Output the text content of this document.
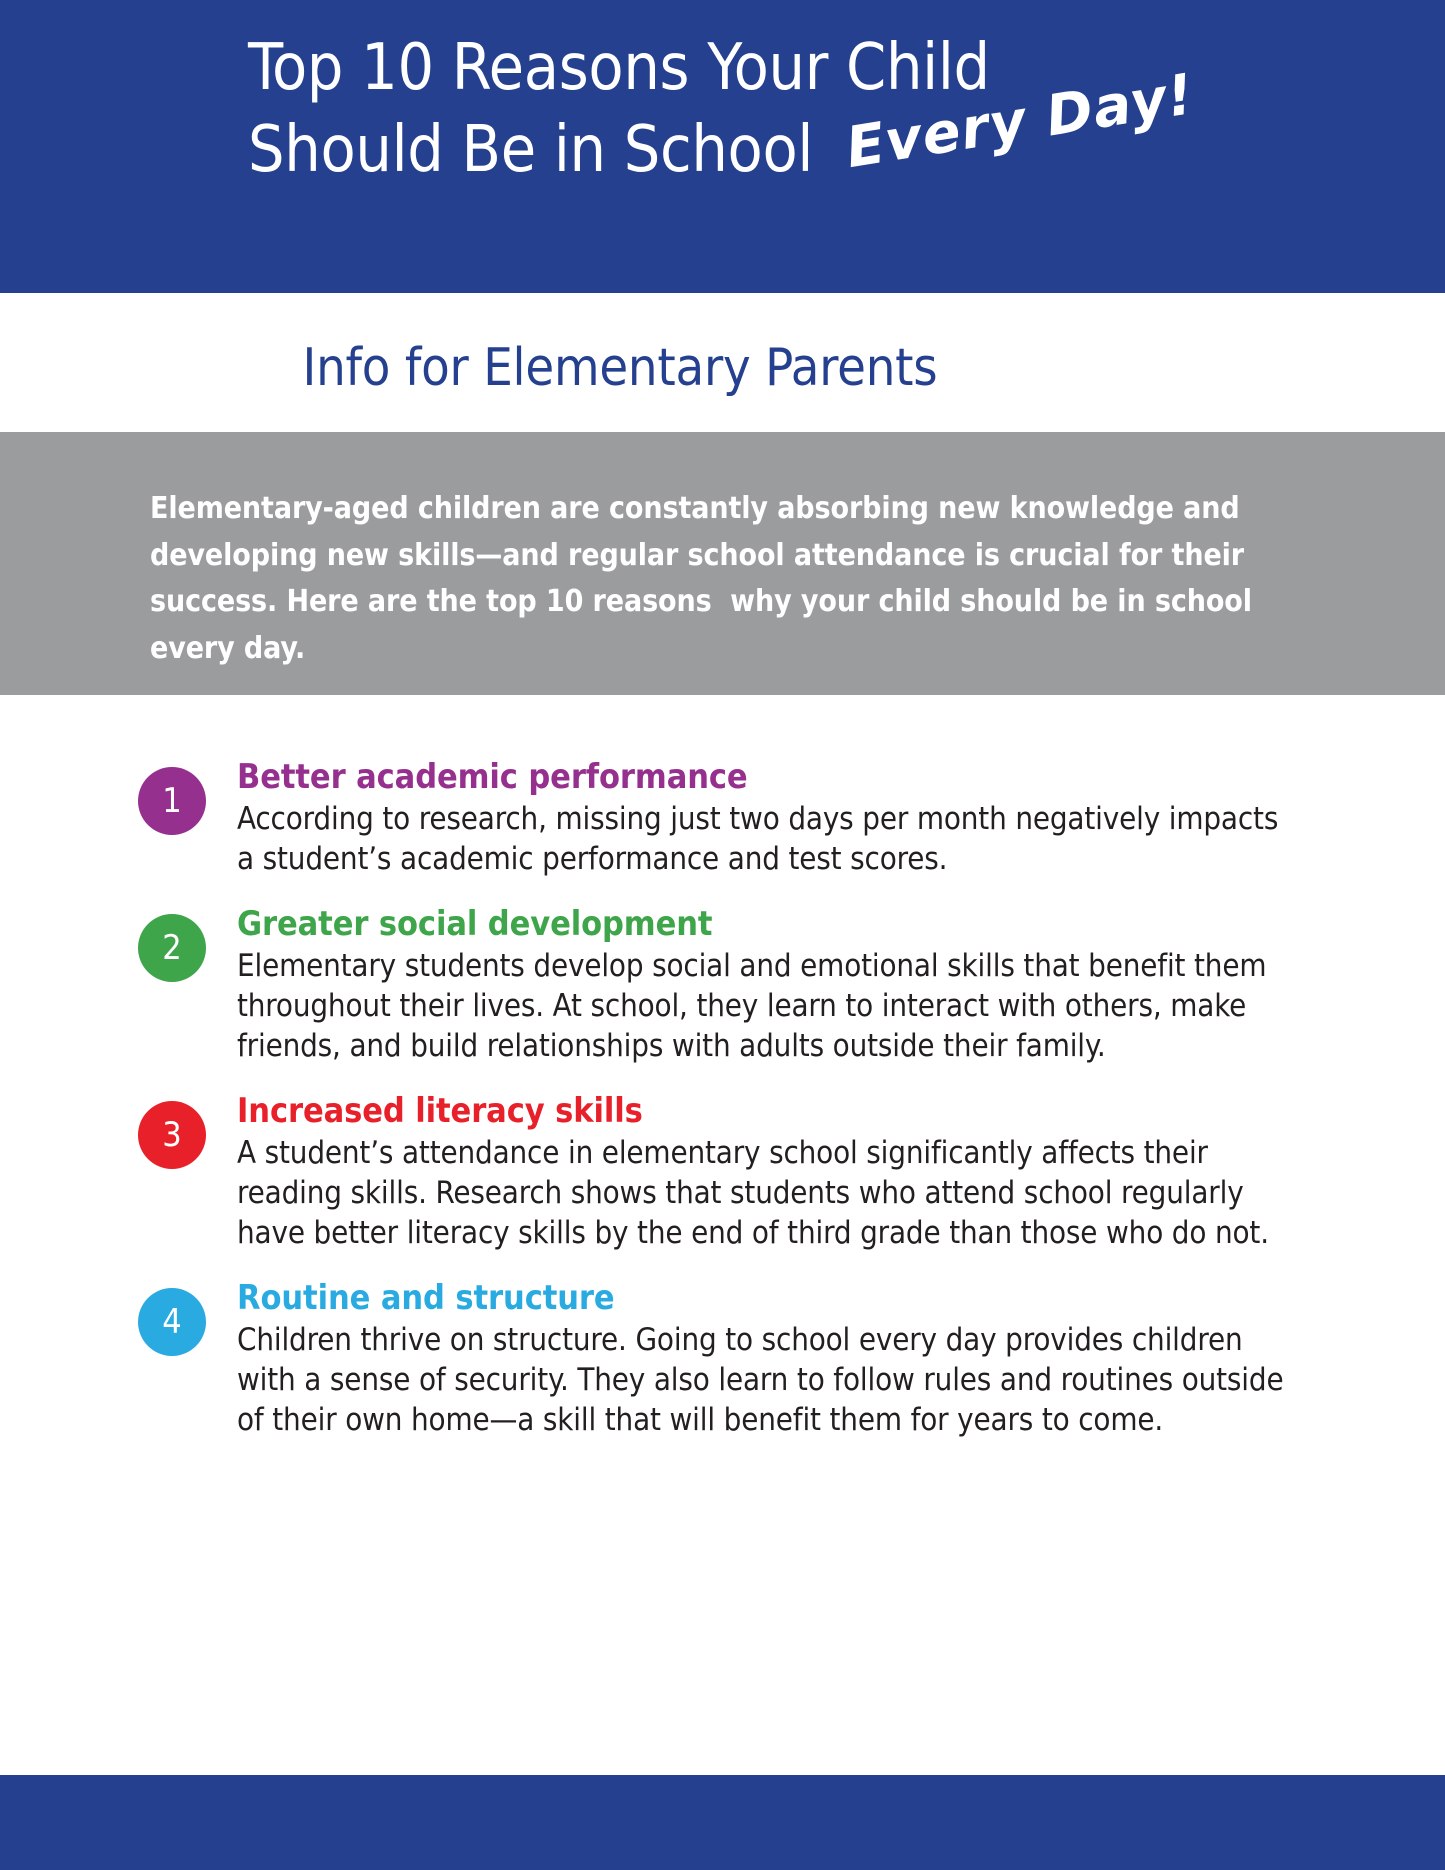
Top 10 Reasons Your Child
Should Be in School Every Day!
Info for Elementary Parents
Elementary-aged children are constantly absorbing new knowledge and developing new skills—and regular school attendance is crucial for their success. Here are the top 10 reasons  why your child should be in school every day.
1
Better academic performance

According to research, missing just two days per month negatively impacts a student’s academic performance and test scores.

2
Greater social development

Elementary students develop social and emotional skills that benefit them throughout their lives. At school, they learn to interact with others, make friends, and build relationships with adults outside their family.

3
Increased literacy skills

A student’s attendance in elementary school significantly affects their reading skills. Research shows that students who attend school regularly have better literacy skills by the end of third grade than those who do not.

4
Routine and structure

Children thrive on structure. Going to school every day provides children with a sense of security. They also learn to follow rules and routines outside of their own home—a skill that will benefit them for years to come.
